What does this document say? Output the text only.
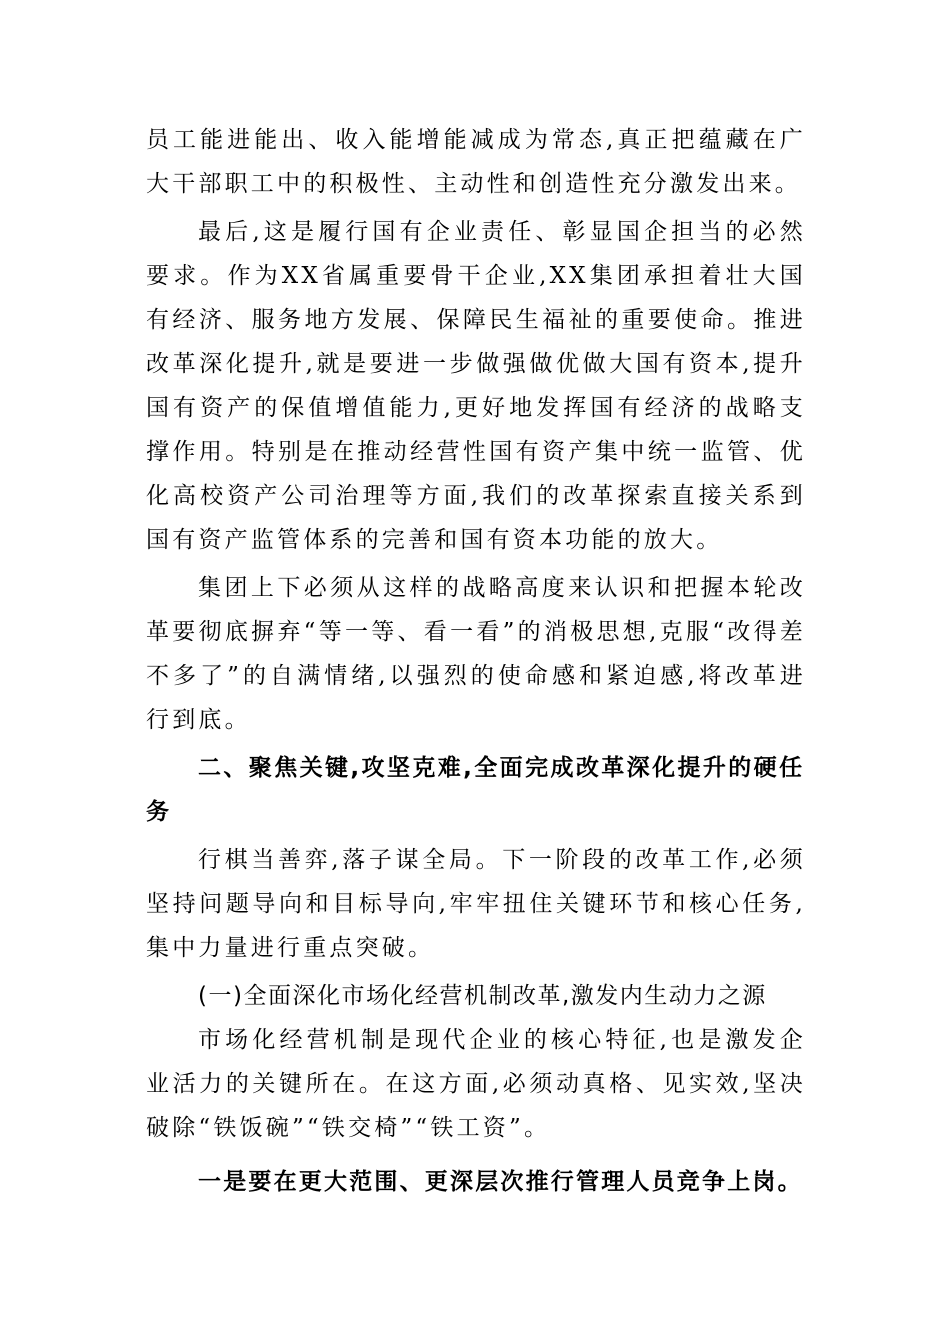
员工能进能出、收入能增能减成为常态,真正把蕴藏在广大干部职工中的积极性、主动性和创造性充分激发出来。

最后,这是履行国有企业责任、彰显国企担当的必然要求。作为XX省属重要骨干企业,XX集团承担着壮大国有经济、服务地方发展、保障民生福祉的重要使命。推进改革深化提升,就是要进一步做强做优做大国有资本,提升国有资产的保值增值能力,更好地发挥国有经济的战略支撑作用。特别是在推动经营性国有资产集中统一监管、优化高校资产公司治理等方面,我们的改革探索直接关系到国有资产监管体系的完善和国有资本功能的放大。

集团上下必须从这样的战略高度来认识和把握本轮改革要彻底摒弃“等一等、看一看”的消极思想,克服“改得差不多了”的自满情绪,以强烈的使命感和紧迫感,将改革进行到底。

二、聚焦关键,攻坚克难,全面完成改革深化提升的硬任务

行棋当善弈,落子谋全局。下一阶段的改革工作,必须坚持问题导向和目标导向,牢牢扭住关键环节和核心任务,集中力量进行重点突破。

(一)全面深化市场化经营机制改革,激发内生动力之源

市场化经营机制是现代企业的核心特征,也是激发企业活力的关键所在。在这方面,必须动真格、见实效,坚决破除“铁饭碗”“铁交椅”“铁工资”。

一是要在更大范围、更深层次推行管理人员竞争上岗。
